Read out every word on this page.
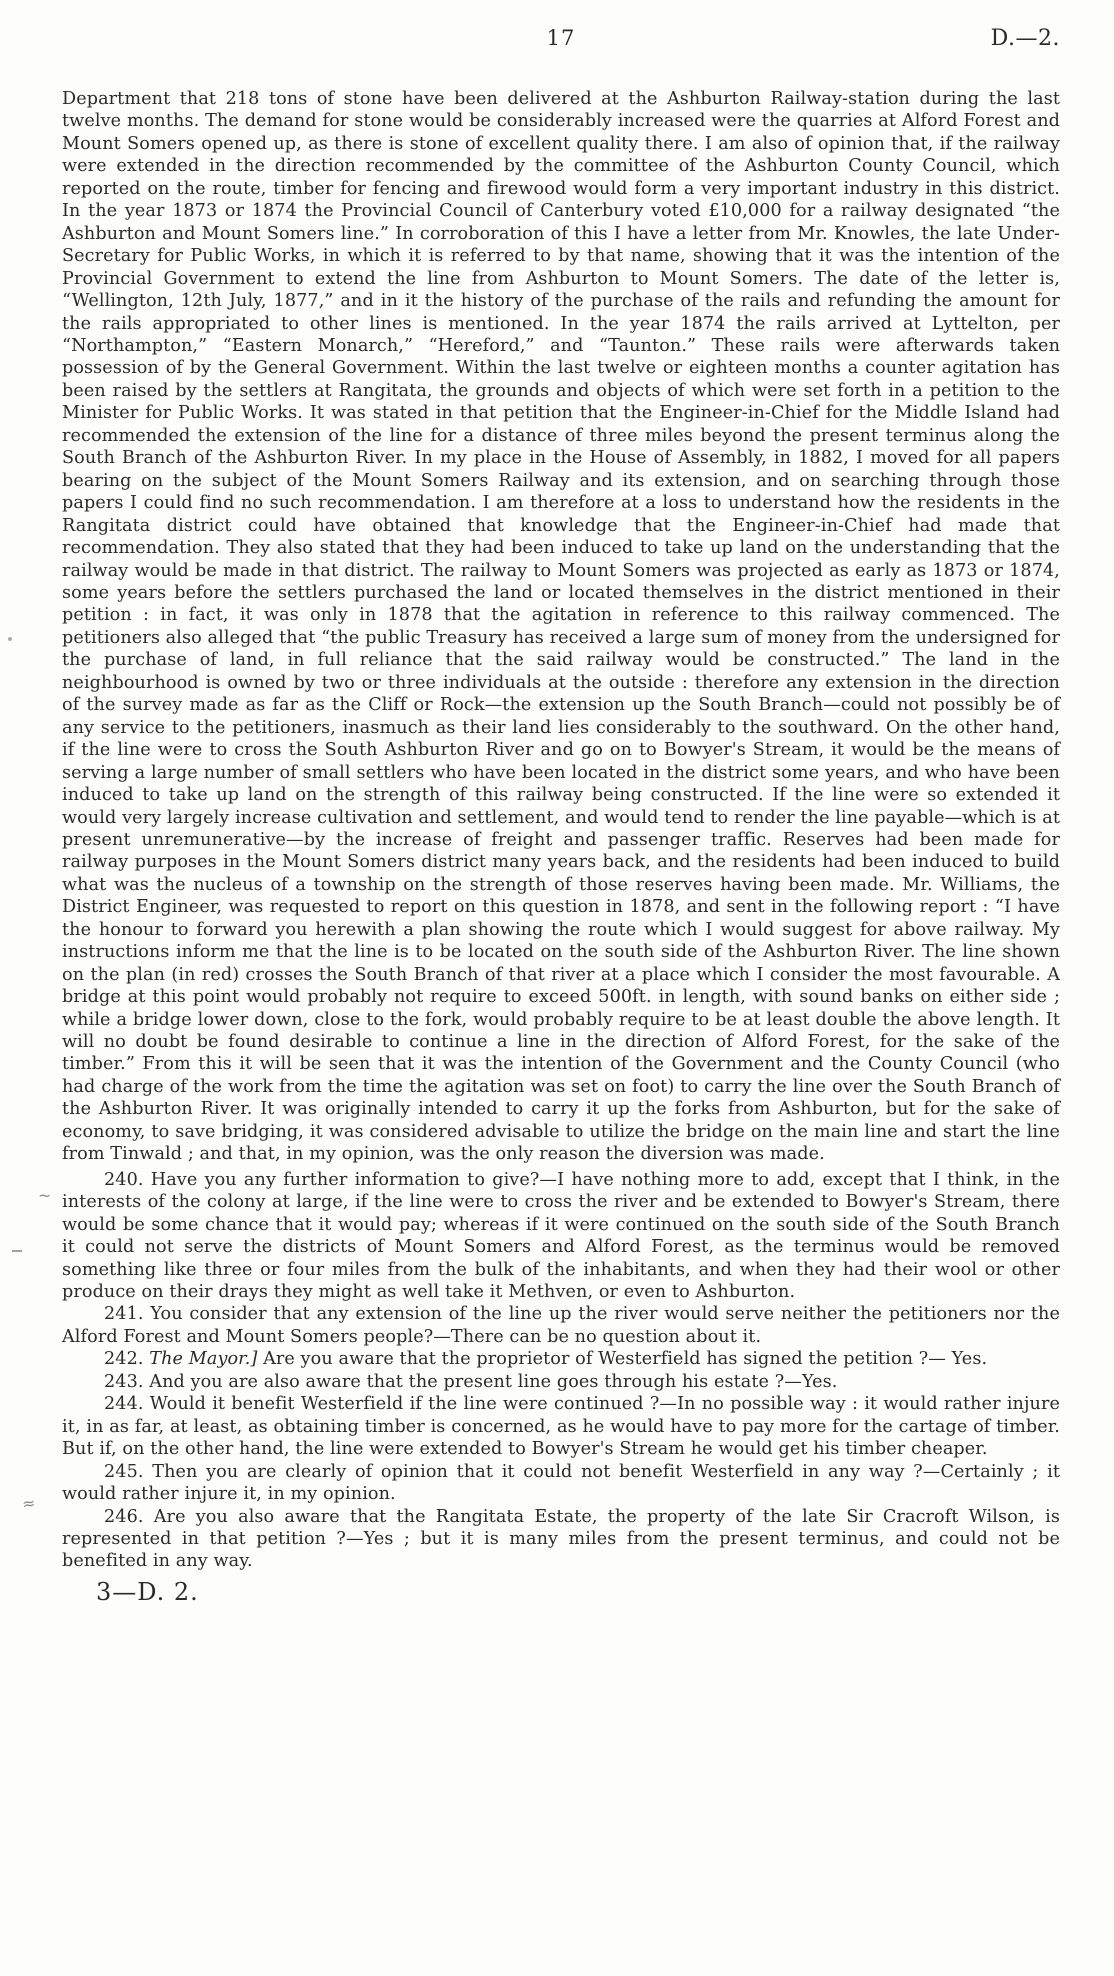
17	D.—2.

Department that 218 tons of stone have been delivered at the Ashburton Railway-station during the last twelve months. The demand for stone would be considerably increased were the quarries at Alford Forest and Mount Somers opened up, as there is stone of excellent quality there. I am also of opinion that, if the railway were extended in the direction recommended by the committee of the Ashburton County Council, which reported on the route, timber for fencing and firewood would form a very important industry in this district. In the year 1873 or 1874 the Provincial Council of Canterbury voted £10,000 for a railway designated “the Ashburton and Mount Somers line.” In corroboration of this I have a letter from Mr. Knowles, the late Under-Secretary for Public Works, in which it is referred to by that name, showing that it was the intention of the Provincial Government to extend the line from Ashburton to Mount Somers. The date of the letter is, “Wellington, 12th July, 1877,” and in it the history of the purchase of the rails and refunding the amount for the rails appropriated to other lines is mentioned. In the year 1874 the rails arrived at Lyttelton, per “Northampton,” “Eastern Monarch,” “Hereford,” and “Taunton.” These rails were afterwards taken possession of by the General Government. Within the last twelve or eighteen months a counter agitation has been raised by the settlers at Rangitata, the grounds and objects of which were set forth in a petition to the Minister for Public Works. It was stated in that petition that the Engineer-in-Chief for the Middle Island had recommended the extension of the line for a distance of three miles beyond the present terminus along the South Branch of the Ashburton River. In my place in the House of Assembly, in 1882, I moved for all papers bearing on the subject of the Mount Somers Railway and its extension, and on searching through those papers I could find no such recommendation. I am therefore at a loss to understand how the residents in the Rangitata district could have obtained that knowledge that the Engineer-in-Chief had made that recommendation. They also stated that they had been induced to take up land on the understanding that the railway would be made in that district. The railway to Mount Somers was projected as early as 1873 or 1874, some years before the settlers purchased the land or located themselves in the district mentioned in their petition : in fact, it was only in 1878 that the agitation in reference to this railway commenced. The petitioners also alleged that “the public Treasury has received a large sum of money from the undersigned for the purchase of land, in full reliance that the said railway would be constructed.” The land in the neighbourhood is owned by two or three individuals at the outside : therefore any extension in the direction of the survey made as far as the Cliff or Rock—the extension up the South Branch—could not possibly be of any service to the petitioners, inasmuch as their land lies considerably to the southward. On the other hand, if the line were to cross the South Ashburton River and go on to Bowyer's Stream, it would be the means of serving a large number of small settlers who have been located in the district some years, and who have been induced to take up land on the strength of this railway being constructed. If the line were so extended it would very largely increase cultivation and settlement, and would tend to render the line payable—which is at present unremunerative—by the increase of freight and passenger traffic. Reserves had been made for railway purposes in the Mount Somers district many years back, and the residents had been induced to build what was the nucleus of a township on the strength of those reserves having been made. Mr. Williams, the District Engineer, was requested to report on this question in 1878, and sent in the following report : “I have the honour to forward you herewith a plan showing the route which I would suggest for above railway. My instructions inform me that the line is to be located on the south side of the Ashburton River. The line shown on the plan (in red) crosses the South Branch of that river at a place which I consider the most favourable. A bridge at this point would probably not require to exceed 500ft. in length, with sound banks on either side ; while a bridge lower down, close to the fork, would probably require to be at least double the above length. It will no doubt be found desirable to continue a line in the direction of Alford Forest, for the sake of the timber.” From this it will be seen that it was the intention of the Government and the County Council (who had charge of the work from the time the agitation was set on foot) to carry the line over the South Branch of the Ashburton River. It was originally intended to carry it up the forks from Ashburton, but for the sake of economy, to save bridging, it was considered advisable to utilize the bridge on the main line and start the line from Tinwald ; and that, in my opinion, was the only reason the diversion was made.

240. Have you any further information to give?—I have nothing more to add, except that I think, in the interests of the colony at large, if the line were to cross the river and be extended to Bowyer's Stream, there would be some chance that it would pay; whereas if it were continued on the south side of the South Branch it could not serve the districts of Mount Somers and Alford Forest, as the terminus would be removed something like three or four miles from the bulk of the inhabitants, and when they had their wool or other produce on their drays they might as well take it Methven, or even to Ashburton.

241. You consider that any extension of the line up the river would serve neither the petitioners nor the Alford Forest and Mount Somers people?—There can be no question about it.

242. The Mayor.] Are you aware that the proprietor of Westerfield has signed the petition ?— Yes.

243. And you are also aware that the present line goes through his estate ?—Yes.

244. Would it benefit Westerfield if the line were continued ?—In no possible way : it would rather injure it, in as far, at least, as obtaining timber is concerned, as he would have to pay more for the cartage of timber. But if, on the other hand, the line were extended to Bowyer's Stream he would get his timber cheaper.

245. Then you are clearly of opinion that it could not benefit Westerfield in any way ?—Certainly ; it would rather injure it, in my opinion.

246. Are you also aware that the Rangitata Estate, the property of the late Sir Cracroft Wilson, is represented in that petition ?—Yes ; but it is many miles from the present terminus, and could not be benefited in any way.

3—D. 2.

~
≈
